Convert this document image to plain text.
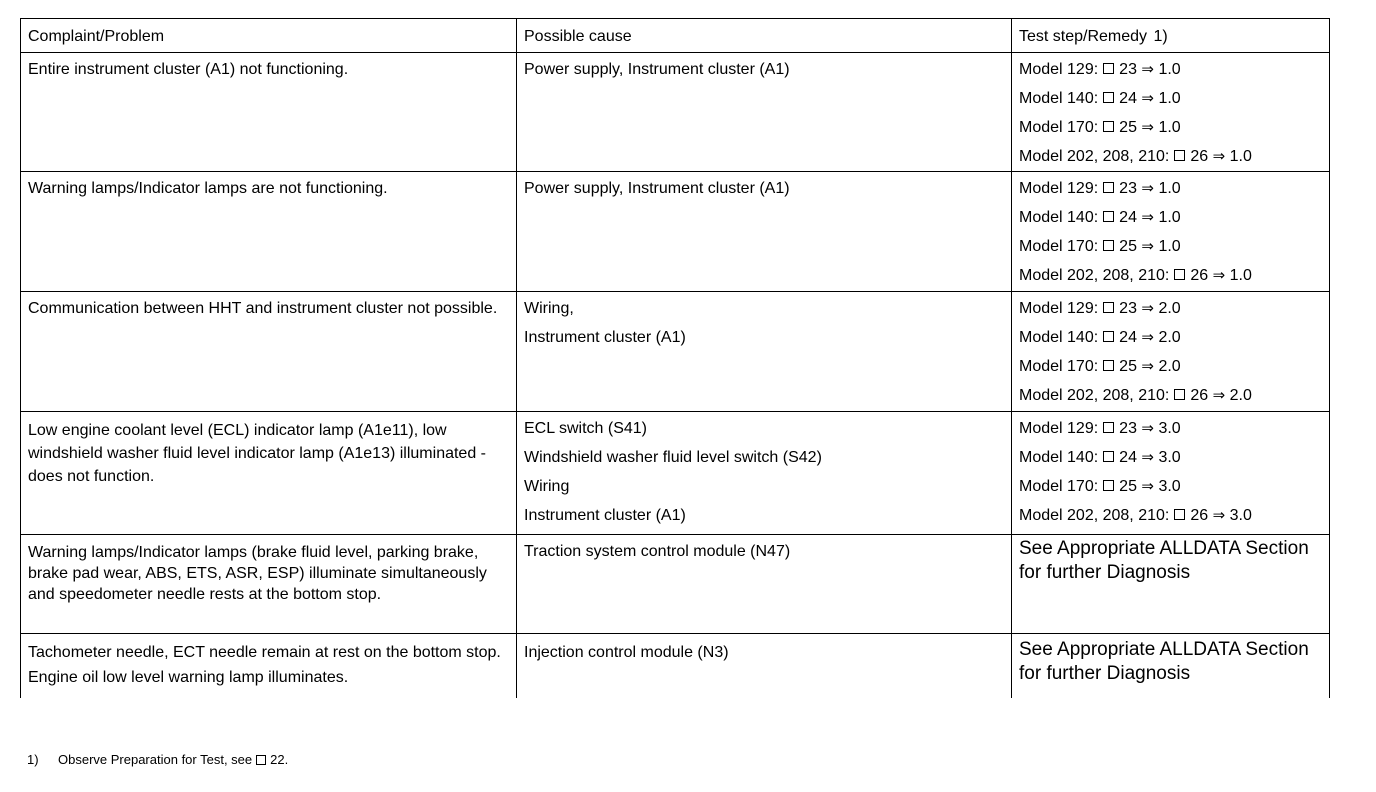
Complaint/Problem	Possible cause	Test step/Remedy 1)
Entire instrument cluster (A1) not functioning.	Power supply, Instrument cluster (A1)	Model 129: 23 ⇒ 1.0
Model 140: 24 ⇒ 1.0
Model 170: 25 ⇒ 1.0
Model 202, 208, 210: 26 ⇒ 1.0

Warning lamps/Indicator lamps are not functioning.	Power supply, Instrument cluster (A1)	Model 129: 23 ⇒ 1.0
Model 140: 24 ⇒ 1.0
Model 170: 25 ⇒ 1.0
Model 202, 208, 210: 26 ⇒ 1.0

Communication between HHT and instrument cluster not possible.	Wiring,
Instrument cluster (A1)	Model 129: 23 ⇒ 2.0
Model 140: 24 ⇒ 2.0
Model 170: 25 ⇒ 2.0
Model 202, 208, 210: 26 ⇒ 2.0

Low engine coolant level (ECL) indicator lamp (A1e11), low windshield washer fluid level indicator lamp (A1e13) illuminated - does not function.	ECL switch (S41)
Windshield washer fluid level switch (S42)
Wiring
Instrument cluster (A1)	Model 129: 23 ⇒ 3.0
Model 140: 24 ⇒ 3.0
Model 170: 25 ⇒ 3.0
Model 202, 208, 210: 26 ⇒ 3.0

Warning lamps/Indicator lamps (brake fluid level, parking brake, brake pad wear, ABS, ETS, ASR, ESP) illuminate simultaneously and speedometer needle rests at the bottom stop.	Traction system control module (N47)	See Appropriate ALLDATA Section for further Diagnosis
Tachometer needle, ECT needle remain at rest on the bottom stop. Engine oil low level warning lamp illuminates.	Injection control module (N3)	See Appropriate ALLDATA Section for further Diagnosis
1) Observe Preparation for Test, see 22.
